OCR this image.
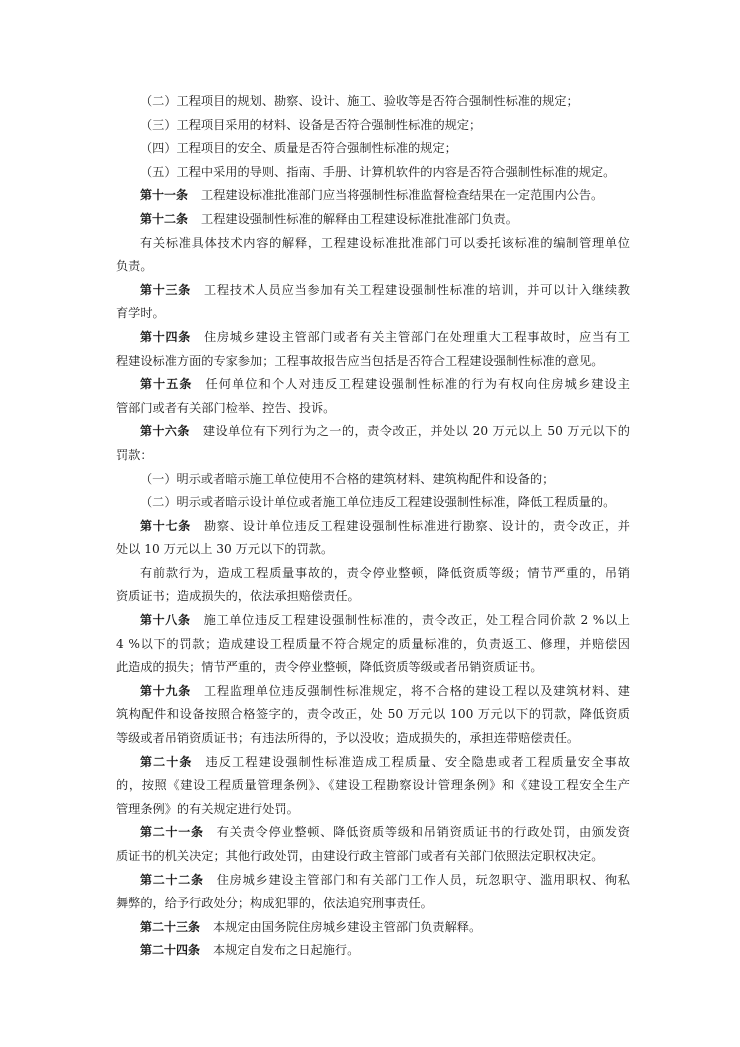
（二）工程项目的规划、勘察、设计、施工、验收等是否符合强制性标准的规定；
（三）工程项目采用的材料、设备是否符合强制性标准的规定；
（四）工程项目的安全、质量是否符合强制性标准的规定；
（五）工程中采用的导则、指南、手册、计算机软件的内容是否符合强制性标准的规定。
第十一条 工程建设标准批准部门应当将强制性标准监督检查结果在一定范围内公告。
第十二条 工程建设强制性标准的解释由工程建设标准批准部门负责。
有关标准具体技术内容的解释，工程建设标准批准部门可以委托该标准的编制管理单位
负责。
第十三条 工程技术人员应当参加有关工程建设强制性标准的培训，并可以计入继续教
育学时。
第十四条 住房城乡建设主管部门或者有关主管部门在处理重大工程事故时，应当有工
程建设标准方面的专家参加；工程事故报告应当包括是否符合工程建设强制性标准的意见。
第十五条 任何单位和个人对违反工程建设强制性标准的行为有权向住房城乡建设主
管部门或者有关部门检举、控告、投诉。
第十六条 建设单位有下列行为之一的，责令改正，并处以 20 万元以上 50 万元以下的
罚款：
（一）明示或者暗示施工单位使用不合格的建筑材料、建筑构配件和设备的；
（二）明示或者暗示设计单位或者施工单位违反工程建设强制性标准，降低工程质量的。
第十七条 勘察、设计单位违反工程建设强制性标准进行勘察、设计的，责令改正，并
处以 10 万元以上 30 万元以下的罚款。
有前款行为，造成工程质量事故的，责令停业整顿，降低资质等级；情节严重的，吊销
资质证书；造成损失的，依法承担赔偿责任。
第十八条 施工单位违反工程建设强制性标准的，责令改正，处工程合同价款 2 %以上
4 %以下的罚款；造成建设工程质量不符合规定的质量标准的，负责返工、修理，并赔偿因
此造成的损失；情节严重的，责令停业整顿，降低资质等级或者吊销资质证书。
第十九条 工程监理单位违反强制性标准规定，将不合格的建设工程以及建筑材料、建
筑构配件和设备按照合格签字的，责令改正，处 50 万元以 100 万元以下的罚款，降低资质
等级或者吊销资质证书；有违法所得的，予以没收；造成损失的，承担连带赔偿责任。
第二十条 违反工程建设强制性标准造成工程质量、安全隐患或者工程质量安全事故
的，按照《建设工程质量管理条例》、《建设工程勘察设计管理条例》和《建设工程安全生产
管理条例》的有关规定进行处罚。
第二十一条 有关责令停业整顿、降低资质等级和吊销资质证书的行政处罚，由颁发资
质证书的机关决定；其他行政处罚，由建设行政主管部门或者有关部门依照法定职权决定。
第二十二条 住房城乡建设主管部门和有关部门工作人员，玩忽职守、滥用职权、徇私
舞弊的，给予行政处分；构成犯罪的，依法追究刑事责任。
第二十三条 本规定由国务院住房城乡建设主管部门负责解释。
第二十四条 本规定自发布之日起施行。
